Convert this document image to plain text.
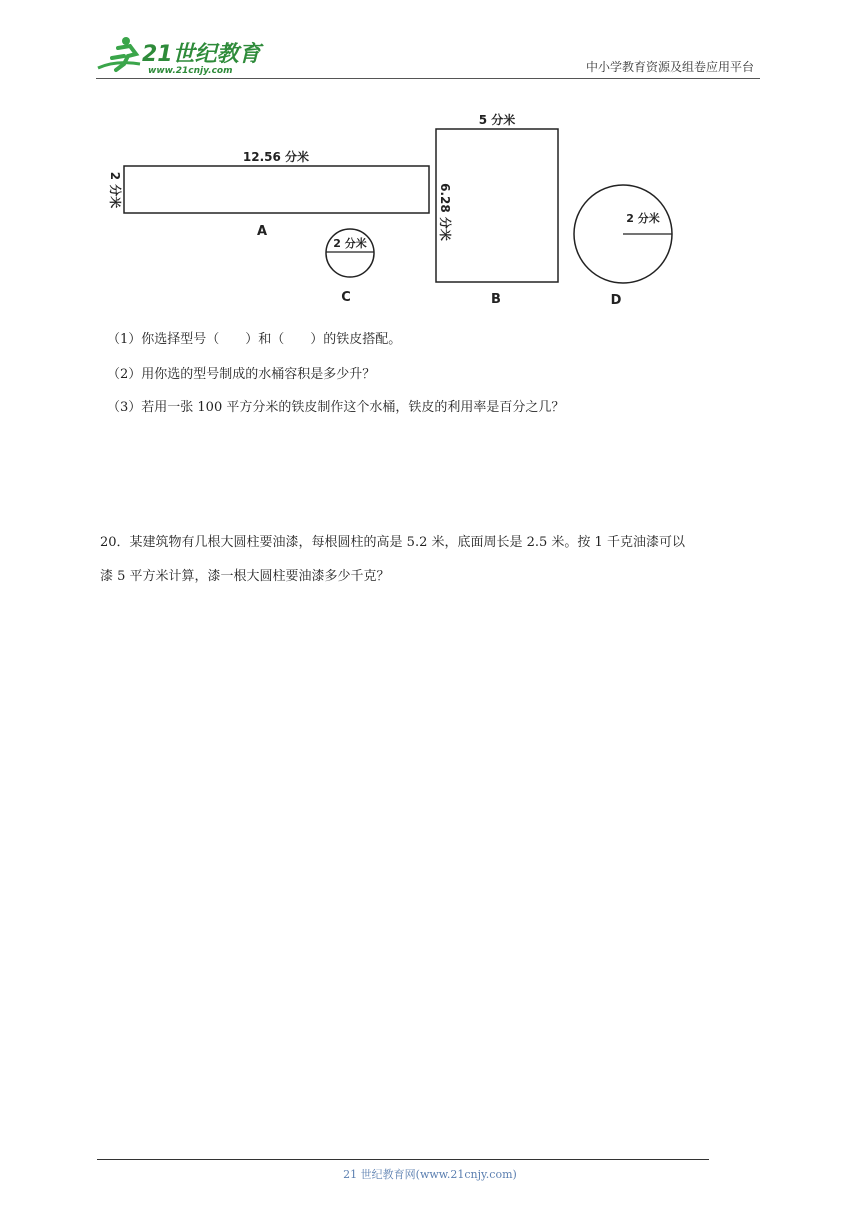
21世纪教育
www.21cnjy.com	中小学教育资源及组卷应用平台
12.56 分米
2 分米
A
2 分米
C
5 分米
6.28 分米
B
2 分米
D
（1）你选择型号（　　）和（　　）的铁皮搭配。
（2）用你选的型号制成的水桶容积是多少升？
（3）若用一张 100 平方分米的铁皮制作这个水桶，铁皮的利用率是百分之几？
20．某建筑物有几根大圆柱要油漆，每根圆柱的高是 5.2 米，底面周长是 2.5 米。按 1 千克油漆可以
漆 5 平方米计算，漆一根大圆柱要油漆多少千克？
21 世纪教育网(www.21cnjy.com)
